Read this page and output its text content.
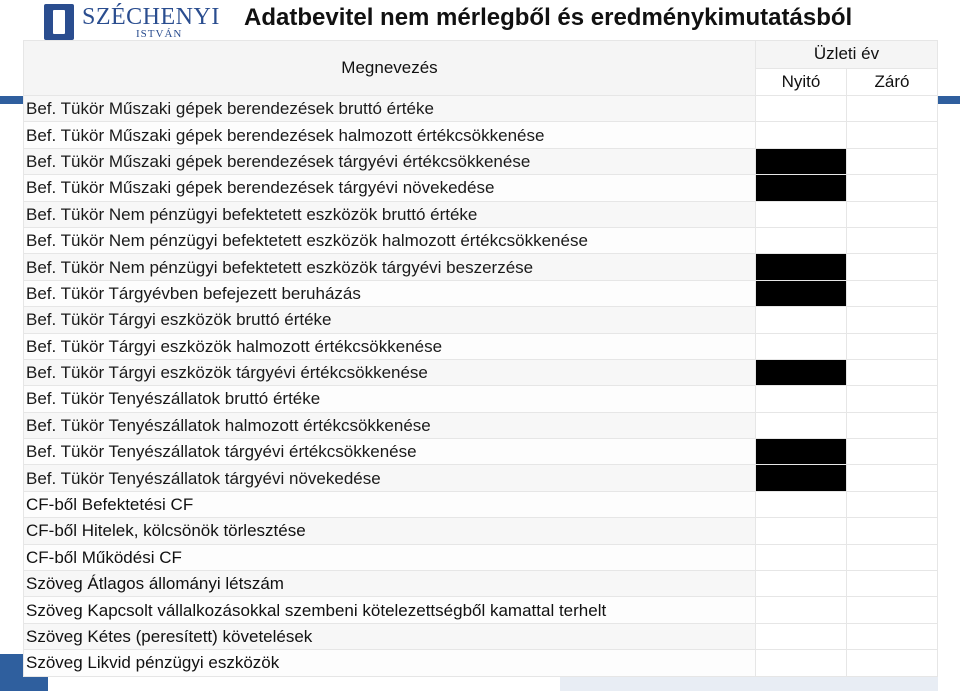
SZÉCHENYI
ISTVÁN
Adatbevitel nem mérlegből és eredménykimutatásból
Megnevezés	Üzleti év	
	Nyitó	Záró
Bef. Tükör Műszaki gépek berendezések bruttó értéke		
Bef. Tükör Műszaki gépek berendezések halmozott értékcsökkenése		
Bef. Tükör Műszaki gépek berendezések tárgyévi értékcsökkenése		
Bef. Tükör Műszaki gépek berendezések tárgyévi növekedése		
Bef. Tükör Nem pénzügyi befektetett eszközök bruttó értéke		
Bef. Tükör Nem pénzügyi befektetett eszközök halmozott értékcsökkenése		
Bef. Tükör Nem pénzügyi befektetett eszközök tárgyévi beszerzése		
Bef. Tükör Tárgyévben befejezett beruházás		
Bef. Tükör Tárgyi eszközök bruttó értéke		
Bef. Tükör Tárgyi eszközök halmozott értékcsökkenése		
Bef. Tükör Tárgyi eszközök tárgyévi értékcsökkenése		
Bef. Tükör Tenyészállatok bruttó értéke		
Bef. Tükör Tenyészállatok halmozott értékcsökkenése		
Bef. Tükör Tenyészállatok tárgyévi értékcsökkenése		
Bef. Tükör Tenyészállatok tárgyévi növekedése		
CF-ből Befektetési CF		
CF-ből Hitelek, kölcsönök törlesztése		
CF-ből Működési CF		
Szöveg Átlagos állományi létszám		
Szöveg Kapcsolt vállalkozásokkal szembeni kötelezettségből kamattal terhelt		
Szöveg Kétes (peresített) követelések		
Szöveg Likvid pénzügyi eszközök		
